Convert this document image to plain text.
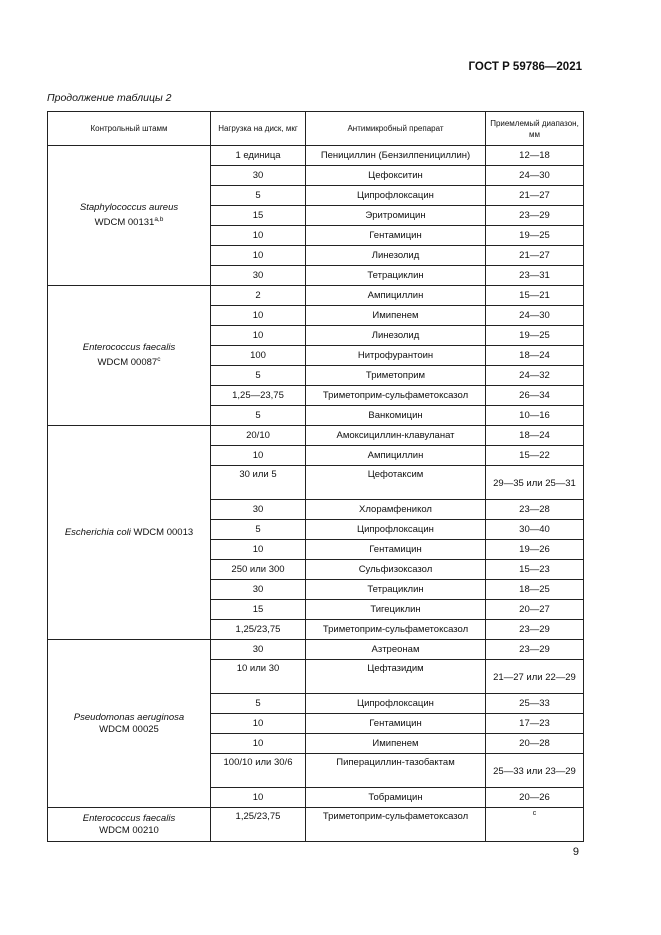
ГОСТ Р 59786—2021
Продолжение таблицы 2
Контрольный штамм	Нагрузка на диск, мкг	Антимикробный препарат	Приемлемый диапазон, мм
Staphylococcus aureus
WDCM 00131$^{a,b}$	1 единица	Пенициллин (Бензилпенициллин)	12—18
	30	Цефокситин	24—30
	5	Ципрофлоксацин	21—27
	15	Эритромицин	23—29
	10	Гентамицин	19—25
	10	Линезолид	21—27
	30	Тетрациклин	23—31
Enterococcus faecalis
WDCM 00087$^c$	2	Ампициллин	15—21
	10	Имипенем	24—30
	10	Линезолид	19—25
	100	Нитрофурантоин	18—24
	5	Триметоприм	24—32
	1,25—23,75	Триметоприм-сульфаметоксазол	26—34
	5	Ванкомицин	10—16
Escherichia coli WDCM 00013	20/10	Амоксициллин-клавуланат	18—24
	10	Ампициллин	15—22
	30 или 5	Цефотаксим	29—35 или 25—31
	30	Хлорамфеникол	23—28
	5	Ципрофлоксацин	30—40
	10	Гентамицин	19—26
	250 или 300	Сульфизоксазол	15—23
	30	Тетрациклин	18—25
	15	Тигециклин	20—27
	1,25/23,75	Триметоприм-сульфаметоксазол	23—29
Pseudomonas aeruginosa
WDCM 00025	30	Азтреонам	23—29
	10 или 30	Цефтазидим	21—27 или 22—29
	5	Ципрофлоксацин	25—33
	10	Гентамицин	17—23
	10	Имипенем	20—28
	100/10 или 30/6	Пиперациллин-тазобактам	25—33 или 23—29
	10	Тобрамицин	20—26
Enterococcus faecalis
WDCM 00210	1,25/23,75	Триметоприм-сульфаметоксазол	$^c$
9
